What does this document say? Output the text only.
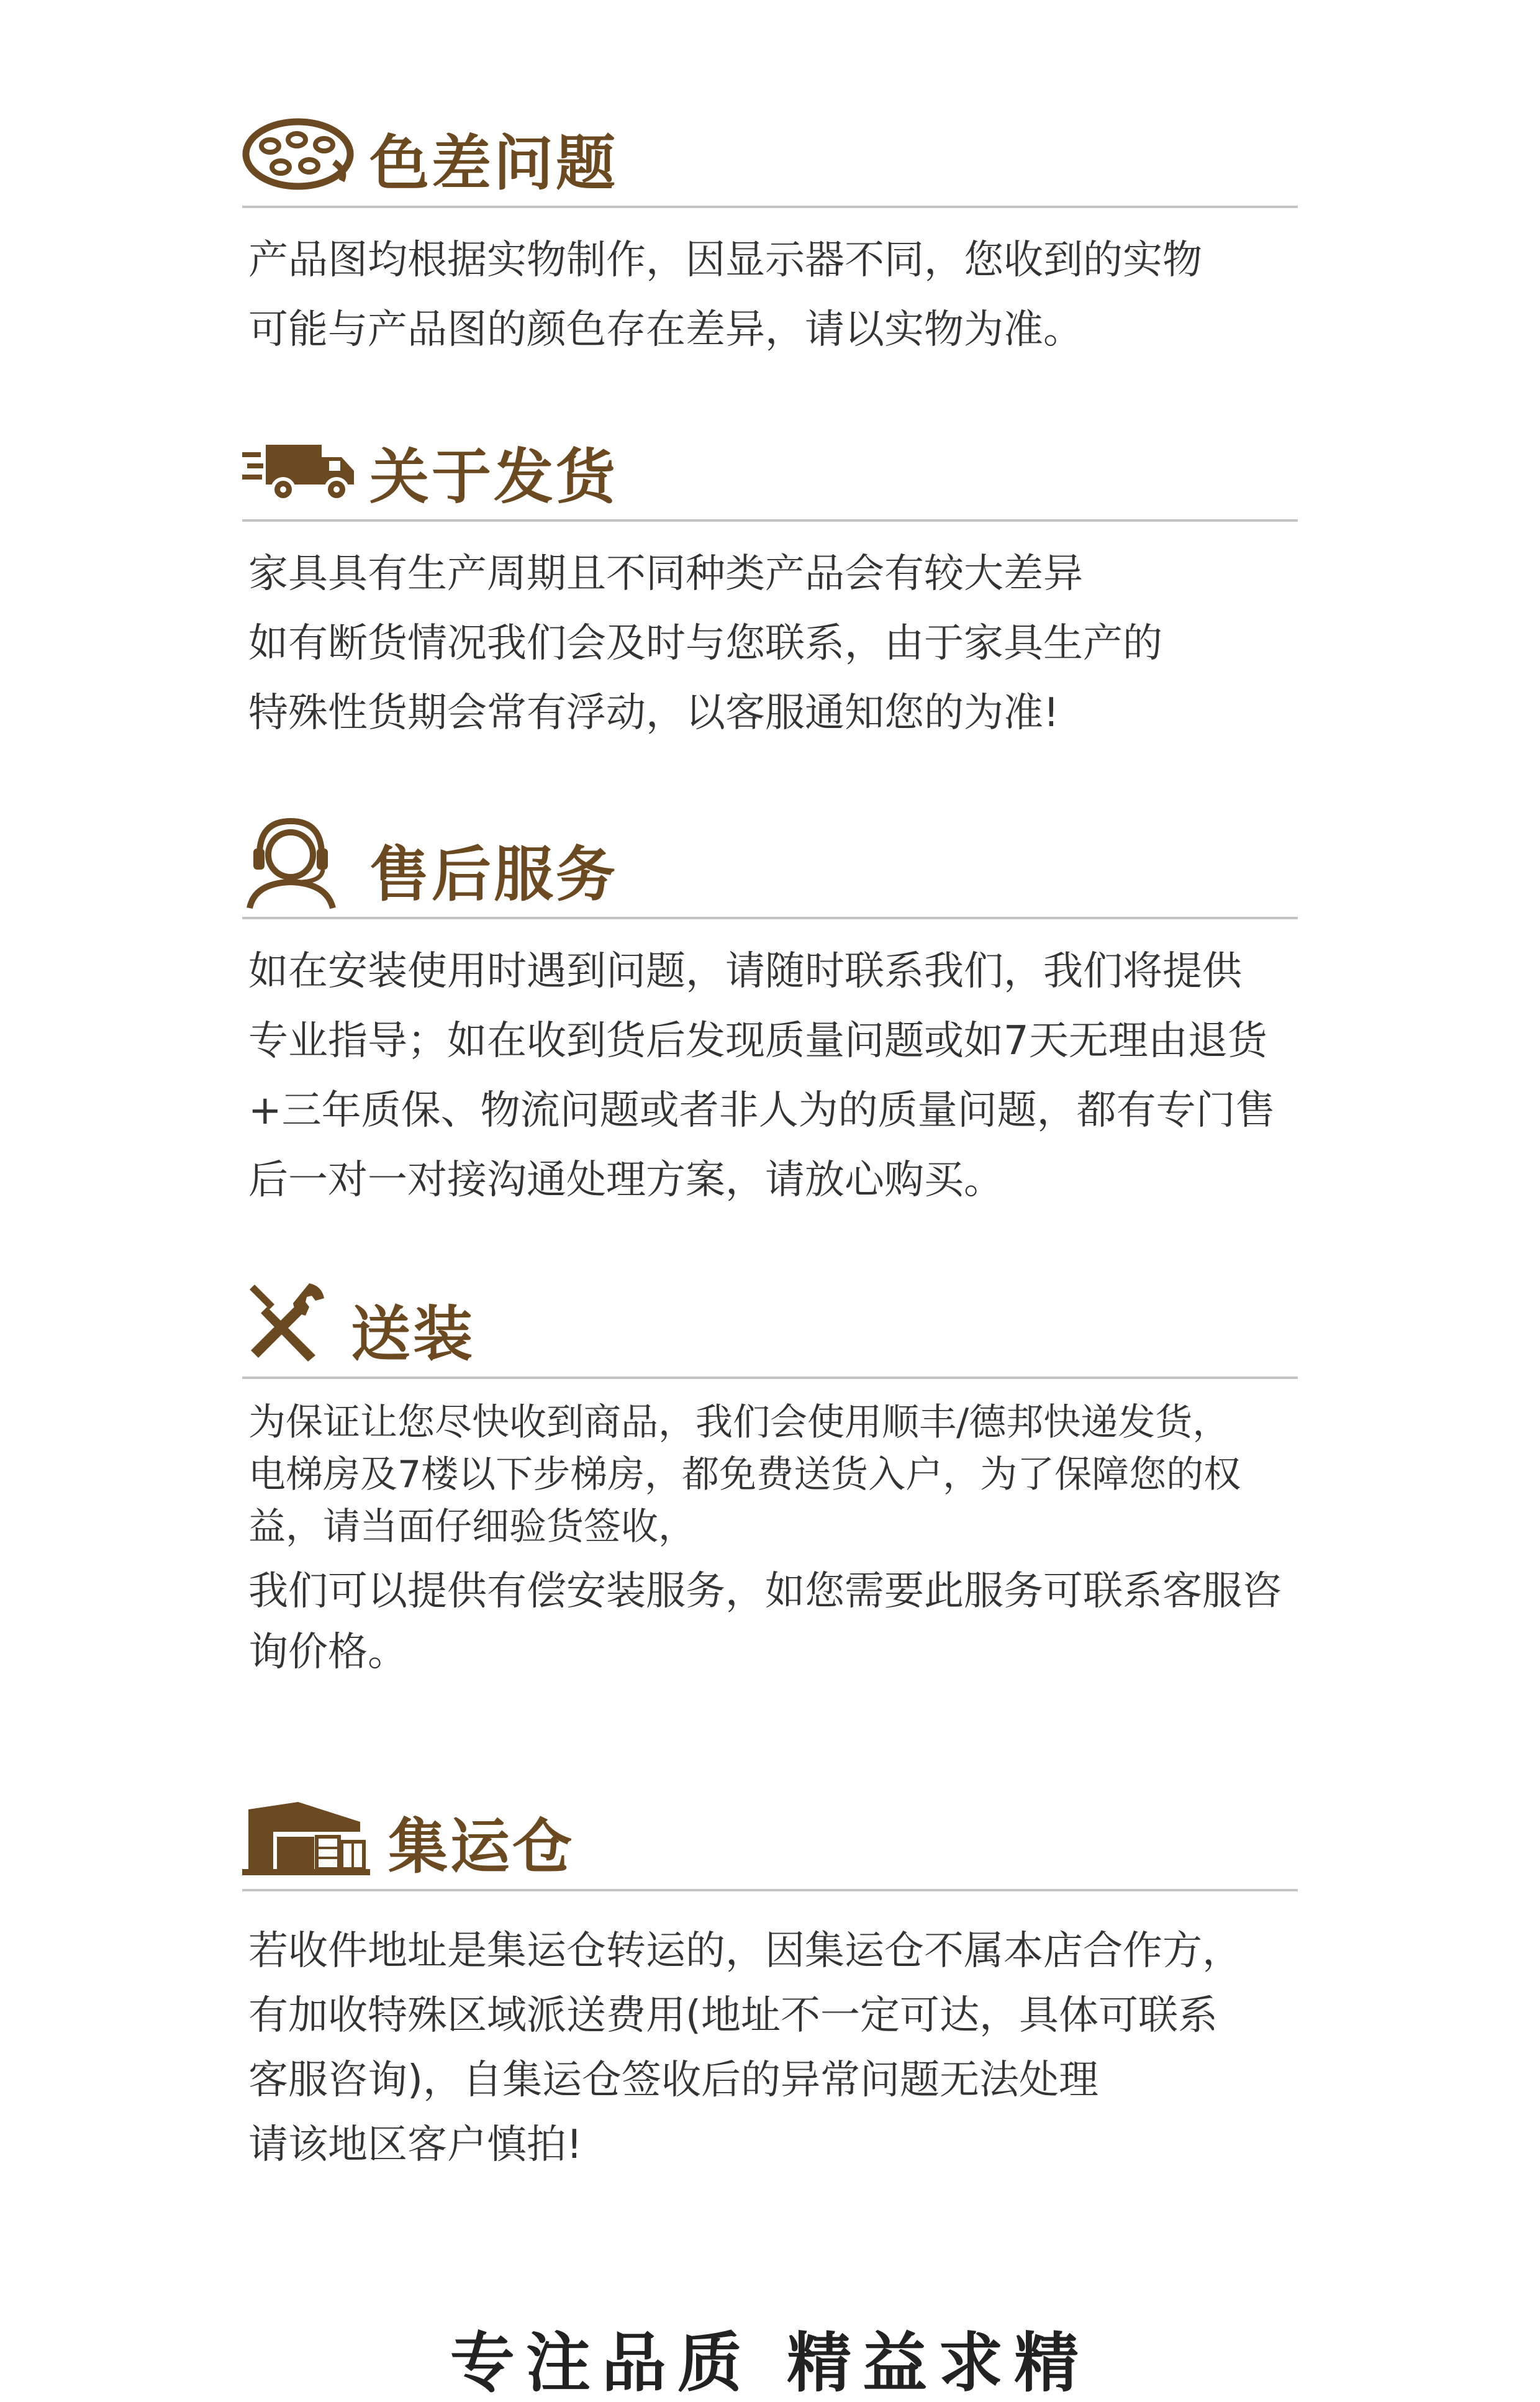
色差问题
产品图均根据实物制作，因显示器不同，您收到的实物
可能与产品图的颜色存在差异，请以实物为准。
关于发货
家具具有生产周期且不同种类产品会有较大差异
如有断货情况我们会及时与您联系，由于家具生产的
特殊性货期会常有浮动，以客服通知您的为准!
售后服务
如在安装使用时遇到问题，请随时联系我们，我们将提供
专业指导；如在收到货后发现质量问题或如7天无理由退货
+三年质保、物流问题或者非人为的质量问题，都有专门售
后一对一对接沟通处理方案，请放心购买。
送装
为保证让您尽快收到商品，我们会使用顺丰/德邦快递发货，
电梯房及7楼以下步梯房，都免费送货入户，为了保障您的权
益，请当面仔细验货签收，
我们可以提供有偿安装服务，如您需要此服务可联系客服咨
询价格。
集运仓
若收件地址是集运仓转运的，因集运仓不属本店合作方，
有加收特殊区域派送费用(地址不一定可达，具体可联系
客服咨询)，自集运仓签收后的异常问题无法处理
请该地区客户慎拍!
专注品质 精益求精
